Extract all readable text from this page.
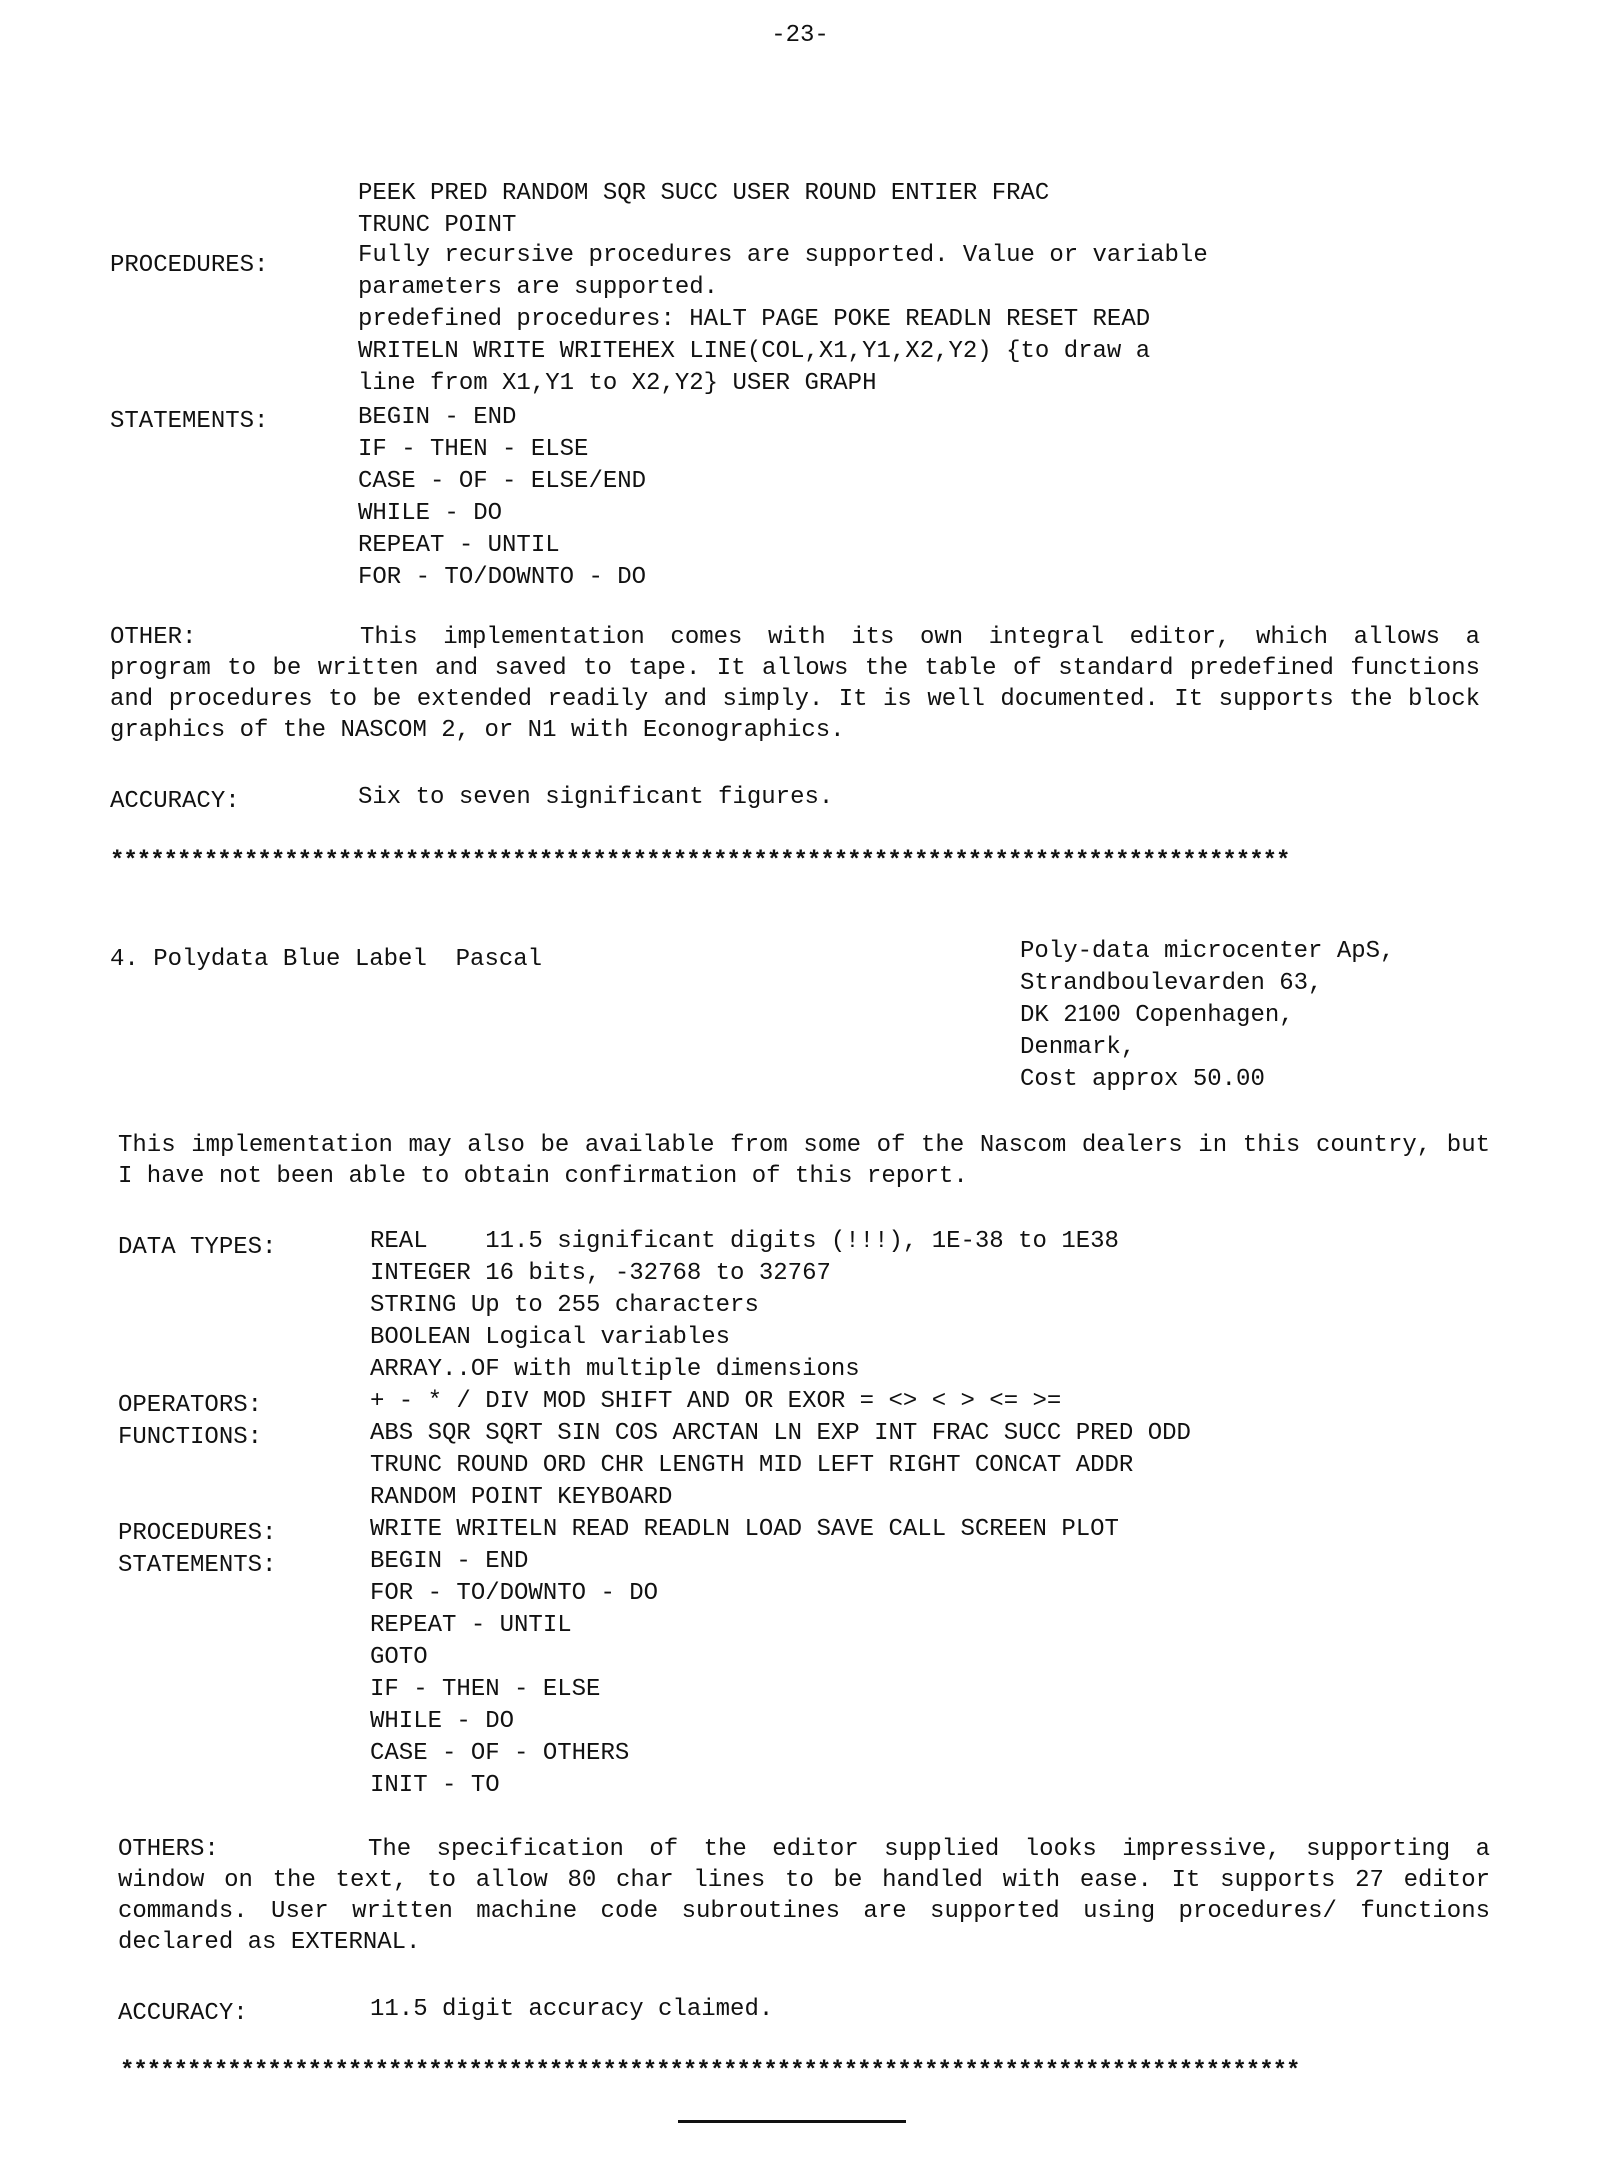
-23-
PEEK PRED RANDOM SQR SUCC USER ROUND ENTIER FRAC
TRUNC POINT
PROCEDURES:	Fully recursive procedures are supported. Value or variable
parameters are supported.
predefined procedures: HALT PAGE POKE READLN RESET READ
WRITELN WRITE WRITEHEX LINE(COL,X1,Y1,X2,Y2) {to draw a
line from X1,Y1 to X2,Y2} USER GRAPH
STATEMENTS:	BEGIN - END
IF - THEN - ELSE
CASE - OF - ELSE/END
WHILE - DO
REPEAT - UNTIL
FOR - TO/DOWNTO - DO
OTHER:	This implementation comes with its own integral editor, which allows a program to be written and saved to tape. It allows the table of standard predefined functions and procedures to be extended readily and simply. It is well documented. It supports the block graphics of the NASCOM 2, or N1 with Econographics.
ACCURACY:	Six to seven significant figures.
****************************************************************************************
4. Polydata Blue Label  Pascal	Poly-data microcenter ApS,
Strandboulevarden 63,
DK 2100 Copenhagen,
Denmark,
Cost approx 50.00
This implementation may also be available from some of the Nascom dealers in this country, but I have not been able to obtain confirmation of this report.
DATA TYPES:	REAL    11.5 significant digits (!!!), 1E-38 to 1E38
INTEGER 16 bits, -32768 to 32767
STRING Up to 255 characters
BOOLEAN Logical variables
ARRAY..OF with multiple dimensions
OPERATORS:	+ - * / DIV MOD SHIFT AND OR EXOR = <> < > <= >=
FUNCTIONS:	ABS SQR SQRT SIN COS ARCTAN LN EXP INT FRAC SUCC PRED ODD
TRUNC ROUND ORD CHR LENGTH MID LEFT RIGHT CONCAT ADDR
RANDOM POINT KEYBOARD
PROCEDURES:	WRITE WRITELN READ READLN LOAD SAVE CALL SCREEN PLOT
STATEMENTS:	BEGIN - END
FOR - TO/DOWNTO - DO
REPEAT - UNTIL
GOTO
IF - THEN - ELSE
WHILE - DO
CASE - OF - OTHERS
INIT - TO
OTHERS:	The specification of the editor supplied looks impressive, supporting a window on the text, to allow 80 char lines to be handled with ease. It supports 27 editor commands. User written machine code subroutines are supported using procedures/ functions declared as EXTERNAL.
ACCURACY:	11.5 digit accuracy claimed.
****************************************************************************************
